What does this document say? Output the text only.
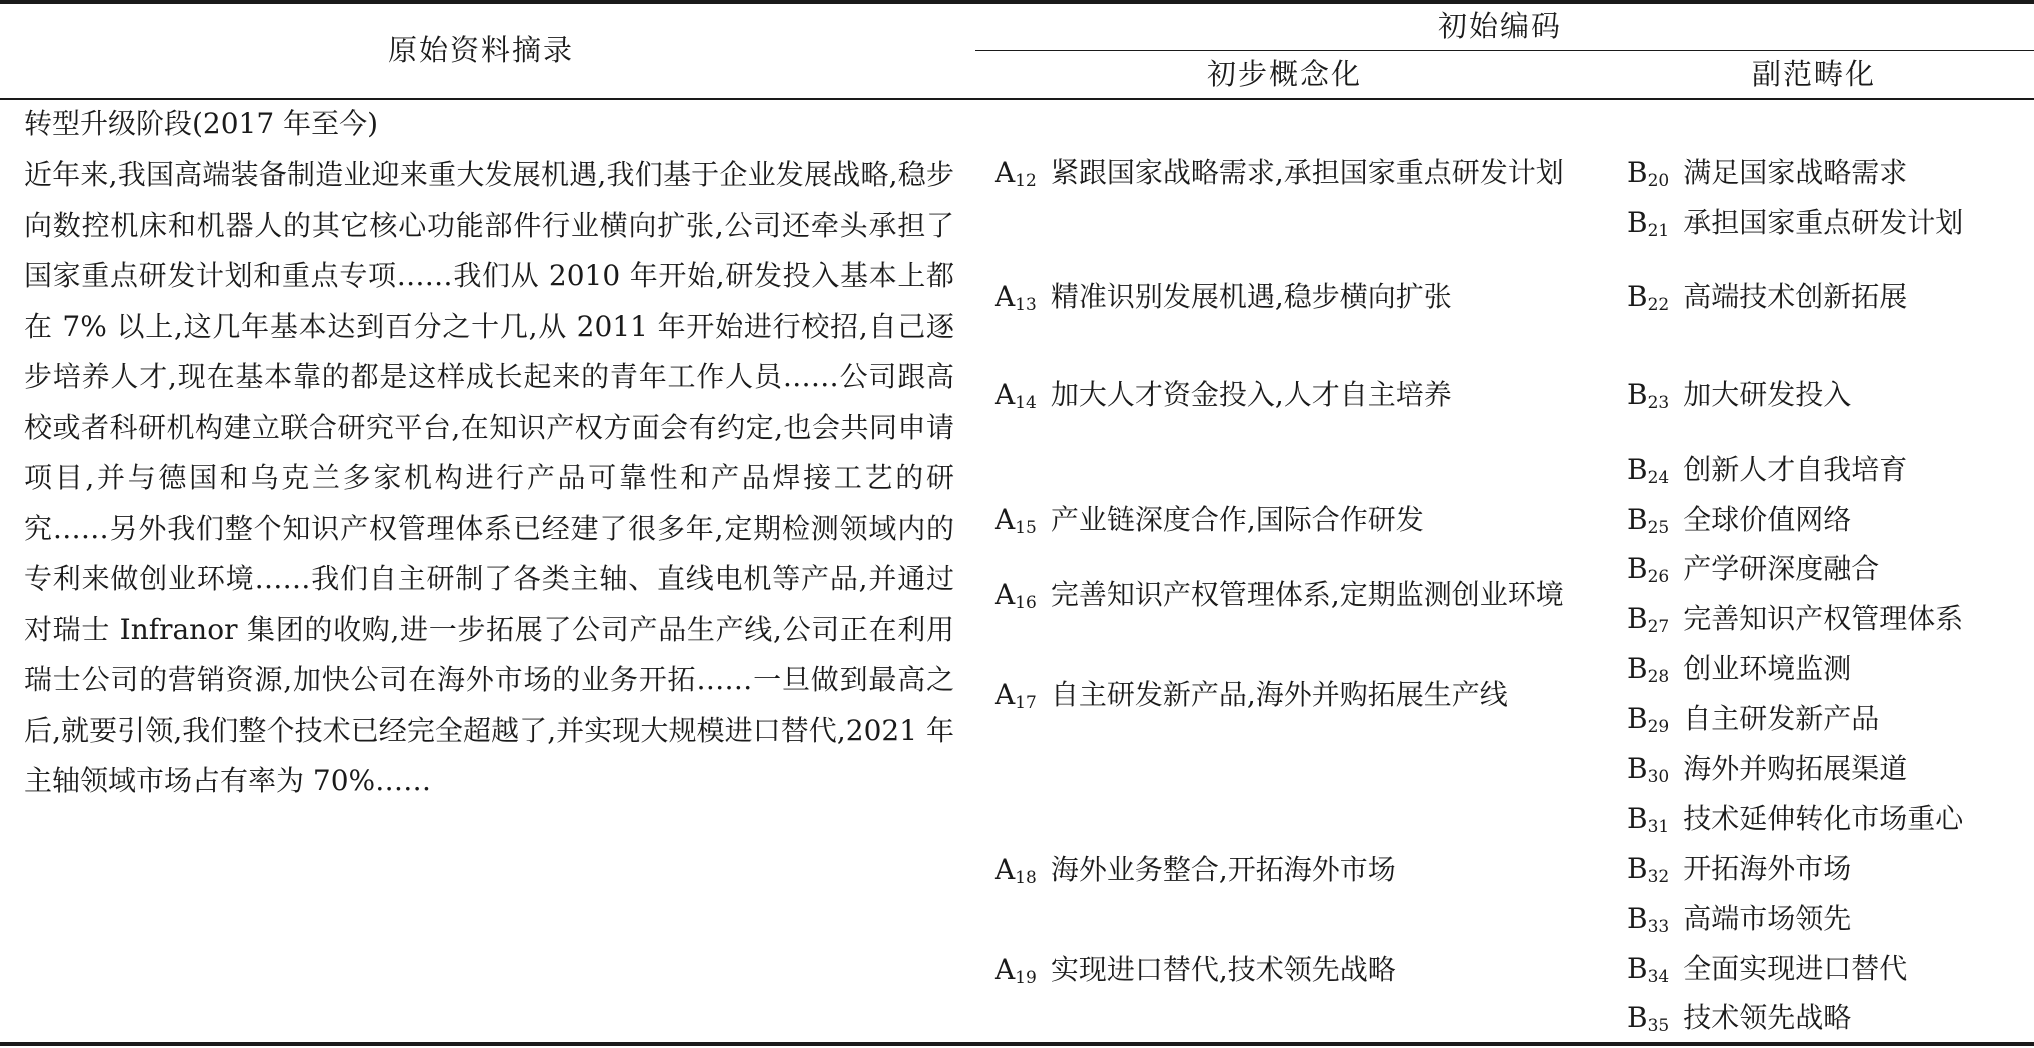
原始资料摘录
初始编码
初步概念化	副范畴化
转型升级阶段(2017 年至今)

近年来,我国高端装备制造业迎来重大发展机遇,我们基于企业发展战略,稳步向数控机床和机器人的其它核心功能部件行业横向扩张,公司还牵头承担了国家重点研发计划和重点专项……我们从 2010 年开始,研发投入基本上都在 7% 以上,这几年基本达到百分之十几,从 2011 年开始进行校招,自己逐步培养人才,现在基本靠的都是这样成长起来的青年工作人员……公司跟高校或者科研机构建立联合研究平台,在知识产权方面会有约定,也会共同申请项目,并与德国和乌克兰多家机构进行产品可靠性和产品焊接工艺的研究……另外我们整个知识产权管理体系已经建了很多年,定期检测领域内的专利来做创业环境……我们自主研制了各类主轴、直线电机等产品,并通过对瑞士 Infranor 集团的收购,进一步拓展了公司产品生产线,公司正在利用瑞士公司的营销资源,加快公司在海外市场的业务开拓……一旦做到最高之后,就要引领,我们整个技术已经完全超越了,并实现大规模进口替代,2021 年主轴领域市场占有率为 70%……

$A_{12}$ 紧跟国家战略需求,承担国家重点研发计划
$A_{13}$ 精准识别发展机遇,稳步横向扩张
$A_{14}$ 加大人才资金投入,人才自主培养
$A_{15}$ 产业链深度合作,国际合作研发
$A_{16}$ 完善知识产权管理体系,定期监测创业环境
$A_{17}$ 自主研发新产品,海外并购拓展生产线
$A_{18}$ 海外业务整合,开拓海外市场
$A_{19}$ 实现进口替代,技术领先战略
$B_{20}$ 满足国家战略需求
$B_{21}$ 承担国家重点研发计划
$B_{22}$ 高端技术创新拓展
$B_{23}$ 加大研发投入
$B_{24}$ 创新人才自我培育
$B_{25}$ 全球价值网络
$B_{26}$ 产学研深度融合
$B_{27}$ 完善知识产权管理体系
$B_{28}$ 创业环境监测
$B_{29}$ 自主研发新产品
$B_{30}$ 海外并购拓展渠道
$B_{31}$ 技术延伸转化市场重心
$B_{32}$ 开拓海外市场
$B_{33}$ 高端市场领先
$B_{34}$ 全面实现进口替代
$B_{35}$ 技术领先战略
